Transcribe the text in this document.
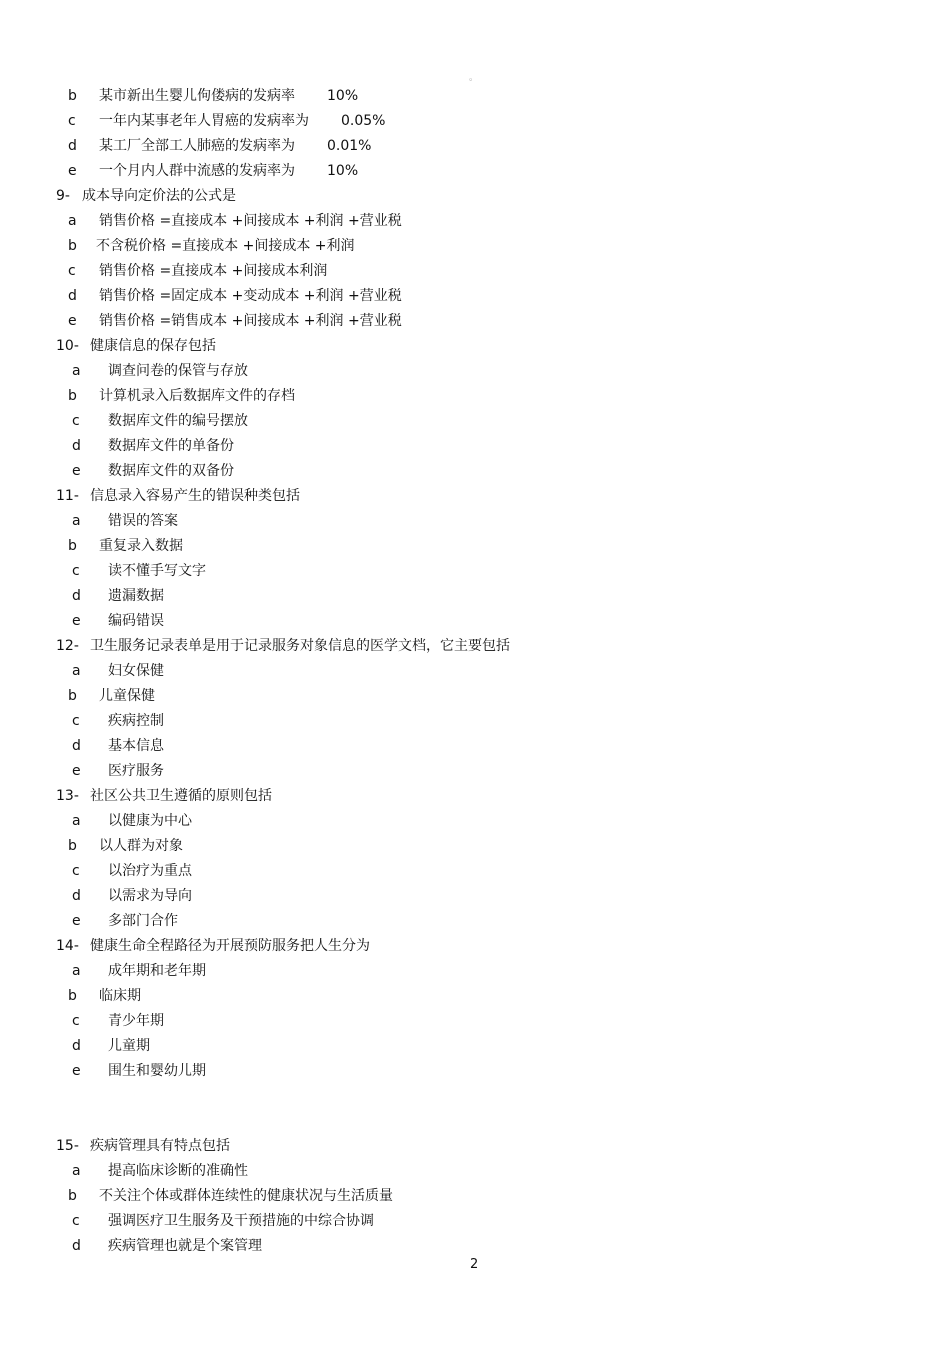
。
b	某市新出生婴儿佝偻病的发病率 10%
c	一年内某事老年人胃癌的发病率为 0.05%
d	某工厂全部工人肺癌的发病率为 0.01%
e	一个月内人群中流感的发病率为 10%
9- 成本导向定价法的公式是
a	销售价格 =直接成本 +间接成本 +利润 +营业税
b	不含税价格 =直接成本 +间接成本 +利润
c	销售价格 =直接成本 +间接成本利润
d	销售价格 =固定成本 +变动成本 +利润 +营业税
e	销售价格 =销售成本 +间接成本 +利润 +营业税
10- 健康信息的保存包括
a	调查问卷的保管与存放
b	计算机录入后数据库文件的存档
c	数据库文件的编号摆放
d	数据库文件的单备份
e	数据库文件的双备份
11- 信息录入容易产生的错误种类包括
a	错误的答案
b	重复录入数据
c	读不懂手写文字
d	遗漏数据
e	编码错误
12- 卫生服务记录表单是用于记录服务对象信息的医学文档，它主要包括
a	妇女保健
b	儿童保健
c	疾病控制
d	基本信息
e	医疗服务
13- 社区公共卫生遵循的原则包括
a	以健康为中心
b	以人群为对象
c	以治疗为重点
d	以需求为导向
e	多部门合作
14- 健康生命全程路径为开展预防服务把人生分为
a	成年期和老年期
b	临床期
c	青少年期
d	儿童期
e	围生和婴幼儿期
15- 疾病管理具有特点包括
a	提高临床诊断的准确性
b	不关注个体或群体连续性的健康状况与生活质量
c	强调医疗卫生服务及干预措施的中综合协调
d	疾病管理也就是个案管理
2
